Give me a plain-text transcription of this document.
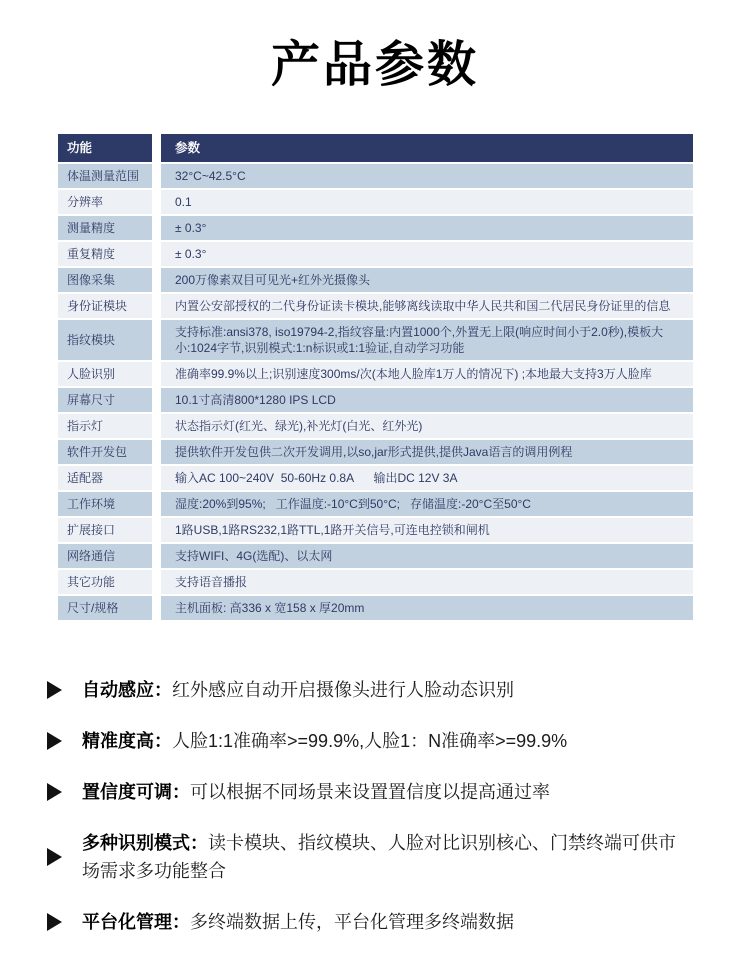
产品参数
功能	参数
体温测量范围	32°C~42.5°C
分辨率	0.1
测量精度	± 0.3°
重复精度	± 0.3°
图像采集	200万像素双目可见光+红外光摄像头
身份证模块	内置公安部授权的二代身份证读卡模块,能够离线读取中华人民共和国二代居民身份证里的信息
指纹模块	支持标准:ansi378, iso19794-2,指纹容量:内置1000个,外置无上限(响应时间小于2.0秒),模板大小:1024字节,识别模式:1:n标识或1:1验证,自动学习功能
人脸识别	准确率99.9%以上;识别速度300ms/次(本地人脸库1万人的情况下) ;本地最大支持3万人脸库
屏幕尺寸	10.1寸高清800*1280 IPS LCD
指示灯	状态指示灯(红光、绿光),补光灯(白光、红外光)
软件开发包	提供软件开发包供二次开发调用,以so,jar形式提供,提供Java语言的调用例程
适配器	输入AC 100~240V  50-60Hz 0.8A      输出DC 12V 3A
工作环境	湿度:20%到95%;   工作温度:-10°C到50°C;   存储温度:-20°C至50°C
扩展接口	1路USB,1路RS232,1路TTL,1路开关信号,可连电控锁和闸机
网络通信	支持WIFI、4G(选配)、以太网
其它功能	支持语音播报
尺寸/规格	主机面板: 高336 x 宽158 x 厚20mm

自动感应：红外感应自动开启摄像头进行人脸动态识别

精准度高：人脸1:1准确率>=99.9%,人脸1：N准确率>=99.9%

置信度可调：可以根据不同场景来设置置信度以提高通过率

多种识别模式：读卡模块、指纹模块、人脸对比识别核心、门禁终端可供市场需求多功能整合

平台化管理：多终端数据上传，平台化管理多终端数据
